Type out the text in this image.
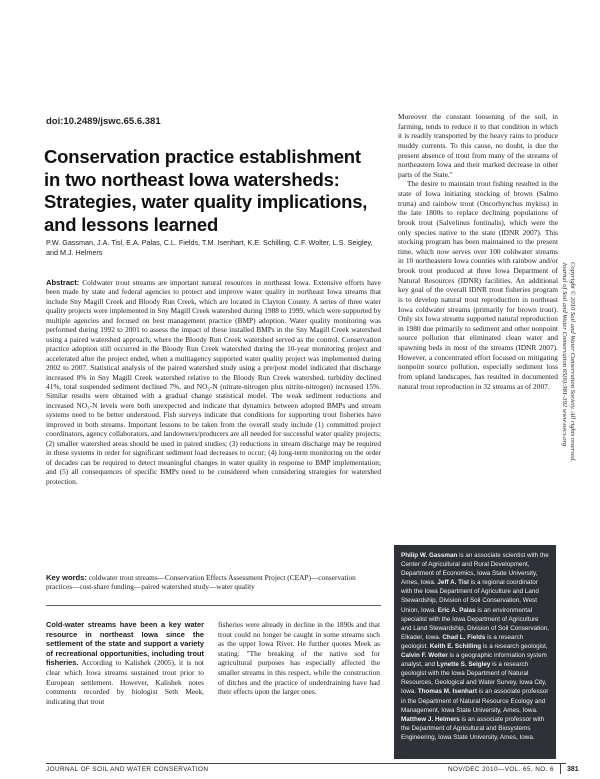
doi:10.2489/jswc.65.6.381
Conservation practice establishment in two northeast Iowa watersheds: Strategies, water quality implications, and lessons learned
P.W. Gassman, J.A. Tisl, E.A. Palas, C.L. Fields, T.M. Isenhart, K.E. Schilling, C.F. Wolter, L.S. Seigley, and M.J. Helmers
Abstract: Coldwater trout streams are important natural resources in northeast Iowa. Extensive efforts have been made by state and federal agencies to protect and improve water quality in northeast Iowa streams that include Sny Magill Creek and Bloody Run Creek, which are located in Clayton County. A series of three water quality projects were implemented in Sny Magill Creek watershed during 1988 to 1999, which were supported by multiple agencies and focused on best management practice (BMP) adoption. Water quality monitoring was performed during 1992 to 2001 to assess the impact of these installed BMPs in the Sny Magill Creek watershed using a paired watershed approach, where the Bloody Run Creek watershed served as the control. Conservation practice adoption still occurred in the Bloody Run Creek watershed during the 10-year monitoring project and accelerated after the project ended, when a multiagency supported water quality project was implemented during 2002 to 2007. Statistical analysis of the paired watershed study using a pre/post model indicated that discharge increased 8% in Sny Magill Creek watershed relative to the Bloody Run Creek watershed, turbidity declined 41%, total suspended sediment declined 7%, and NO₃-N (nitrate-nitrogen plus nitrite-nitrogen) increased 15%. Similar results were obtained with a gradual change statistical model. The weak sediment reductions and increased NO₃-N levels were both unexpected and indicate that dynamics between adopted BMPs and stream systems need to be better understood. Fish surveys indicate that conditions for supporting trout fisheries have improved in both streams. Important lessons to be taken from the overall study include (1) committed project coordinators, agency collaborators, and landowners/producers are all needed for successful water quality projects; (2) smaller watershed areas should be used in paired studies; (3) reductions in stream discharge may be required in these systems in order for significant sediment load decreases to occur; (4) long-term monitoring on the order of decades can be required to detect meaningful changes in water quality in response to BMP implementation; and (5) all consequences of specific BMPs need to be considered when considering strategies for watershed protection.
Key words: coldwater trout streams—Conservation Effects Assessment Project (CEAP)—conservation practices—cost-share funding—paired watershed study—water quality
Cold-water streams have been a key water resource in northeast Iowa since the settlement of the state and support a variety of recreational opportunities, including trout fisheries. According to Kalishek (2005), it is not clear which Iowa streams sustained trout prior to European settlement. However, Kalishek notes comments recorded by biologist Seth Meek, indicating that trout
fisheries were already in decline in the 1890s and that trout could no longer be caught in some streams such as the upper Iowa River. He further quotes Meek as stating: "The breaking of the native sod for agricultural purposes has especially affected the smaller streams in this respect, while the construction of ditches and the practice of underdraining have had their effects upon the larger ones.

Moreover the constant loosening of the soil, in farming, tends to reduce it to that condition in which it is readily transported by the heavy rains to produce muddy currents. To this cause, no doubt, is due the present absence of trout from many of the streams of northeastern Iowa and their marked decrease in other parts of the State."

The desire to maintain trout fishing resulted in the state of Iowa initiating stocking of brown (Salmo trutta) and rainbow trout (Oncorhynchus mykiss) in the late 1800s to replace declining populations of brook trout (Salvelinus fontinalis), which were the only species native to the state (IDNR 2007). This stocking program has been maintained to the present time, which now serves over 100 coldwater streams in 10 northeastern Iowa counties with rainbow and/or brook trout produced at three Iowa Department of Natural Resources (IDNR) facilities. An additional key goal of the overall IDNR trout fisheries program is to develop natural trout reproduction in northeast Iowa coldwater streams (primarily for brown trout). Only six Iowa streams supported natural reproduction in 1980 due primarily to sediment and other nonpoint source pollution that eliminated clean water and spawning beds in most of the streams (IDNR 2007). However, a concentrated effort focused on mitigating nonpoint source pollution, especially sediment loss from upland landscapes, has resulted in documented natural trout reproduction in 32 streams as of 2007.

Philip W. Gassman is an associate scientist with the Center of Agricultural and Rural Development, Department of Economics, Iowa State University, Ames, Iowa. Jeff A. Tisl is a regional coordinator with the Iowa Department of Agriculture and Land Stewardship, Division of Soil Conservation, West Union, Iowa. Eric A. Palas is an environmental specialist with the Iowa Department of Agriculture and Land Stewardship, Division of Soil Conservation, Elkader, Iowa. Chad L. Fields is a research geologist. Keith E. Schilling is a research geologist, Calvin F. Wolter is a geographic information system analyst, and Lynette S. Seigley is a research geologist with the Iowa Department of Natural Resources, Geological and Water Survey, Iowa City, Iowa. Thomas M. Isenhart is an associate professor in the Department of Natural Resource Ecology and Management, Iowa State University, Ames, Iowa. Matthew J. Helmers is an associate professor with the Department of Agricultural and Biosystems Engineering, Iowa State University, Ames, Iowa.
Copyright © 2010 Soil and Water Conservation Society. All rights reserved.
Journal of Soil and Water Conservation 65(6):381-392 www.swcs.org
JOURNAL OF SOIL AND WATER CONSERVATION	NOV/DEC 2010—VOL. 65, NO. 6 381
